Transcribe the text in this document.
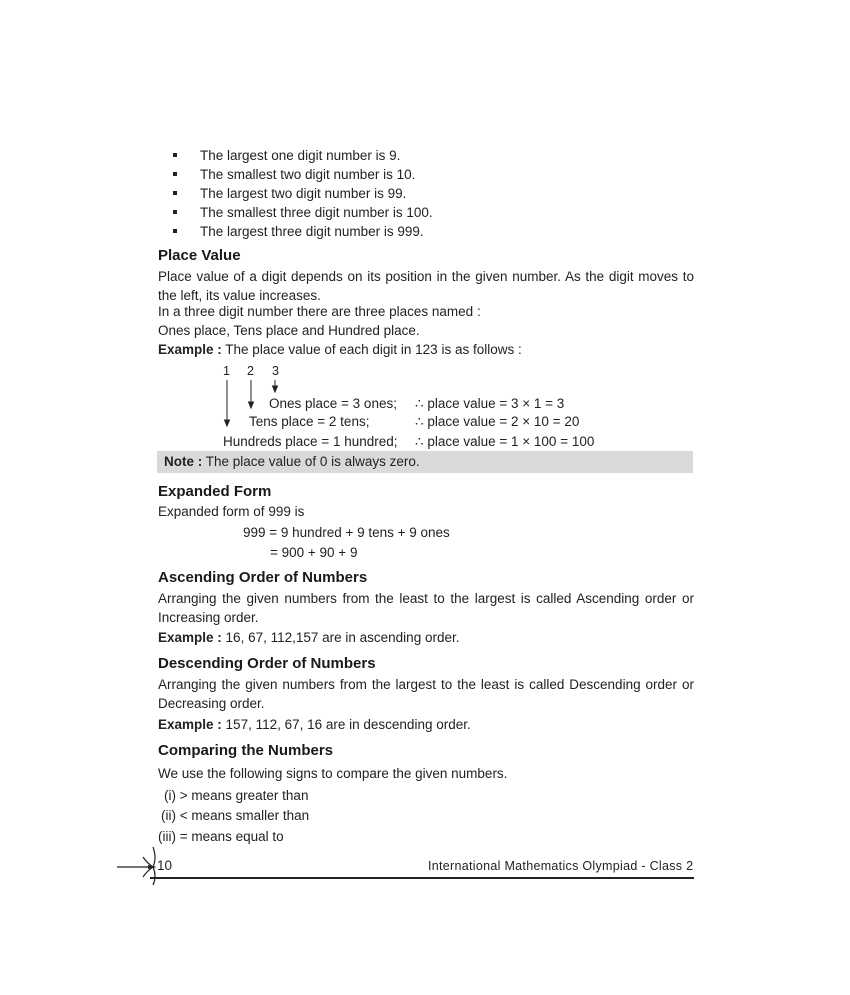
The largest one digit number is 9.
The smallest two digit number is 10.
The largest two digit number is 99.
The smallest three digit number is 100.
The largest three digit number is 999.
Place Value
Place value of a digit depends on its position in the given number. As the digit moves to the left, its value increases.
In a three digit number there are three places named :
Ones place, Tens place and Hundred place.
Example : The place value of each digit in 123 is as follows :
1 2 3
Ones place = 3 ones; ∴ place value = 3 × 1 = 3
Tens place = 2 tens;	∴ place value = 2 × 10 = 20
Hundreds place = 1 hundred; ∴ place value = 1 × 100 = 100
Note : The place value of 0 is always zero.
Expanded Form
Expanded form of 999 is
999 = 9 hundred + 9 tens + 9 ones
= 900 + 90 + 9
Ascending Order of Numbers
Arranging the given numbers from the least to the largest is called Ascending order or Increasing order.
Example : 16, 67, 112,157 are in ascending order.
Descending Order of Numbers
Arranging the given numbers from the largest to the least is called Descending order or Decreasing order.
Example : 157, 112, 67, 16 are in descending order.
Comparing the Numbers
We use the following signs to compare the given numbers.
(i) > means greater than
(ii) < means smaller than
(iii) = means equal to
10	International Mathematics Olympiad - Class 2
